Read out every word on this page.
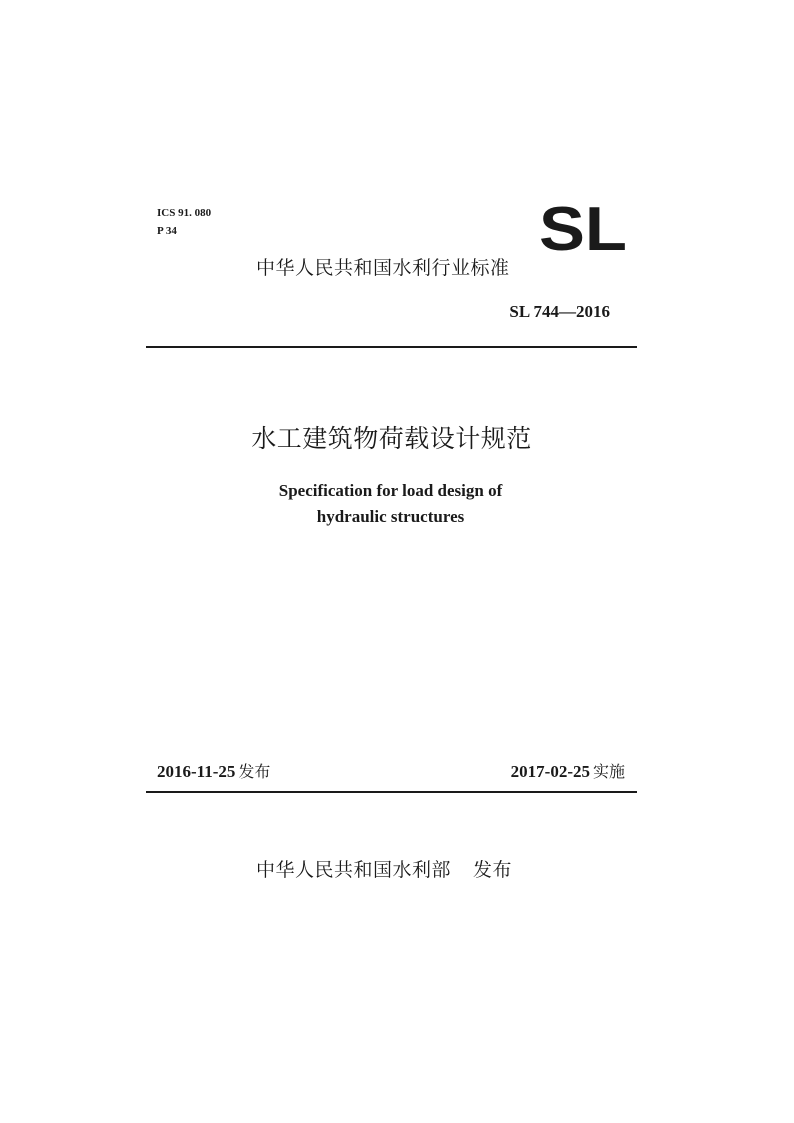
ICS 91. 080
P 34	SL
中华人民共和国水利行业标准
SL 744—2016
水工建筑物荷载设计规范
Specification for load design of
hydraulic structures
2016-11-25 发布	2017-02-25 实施
中华人民共和国水利部 发布
